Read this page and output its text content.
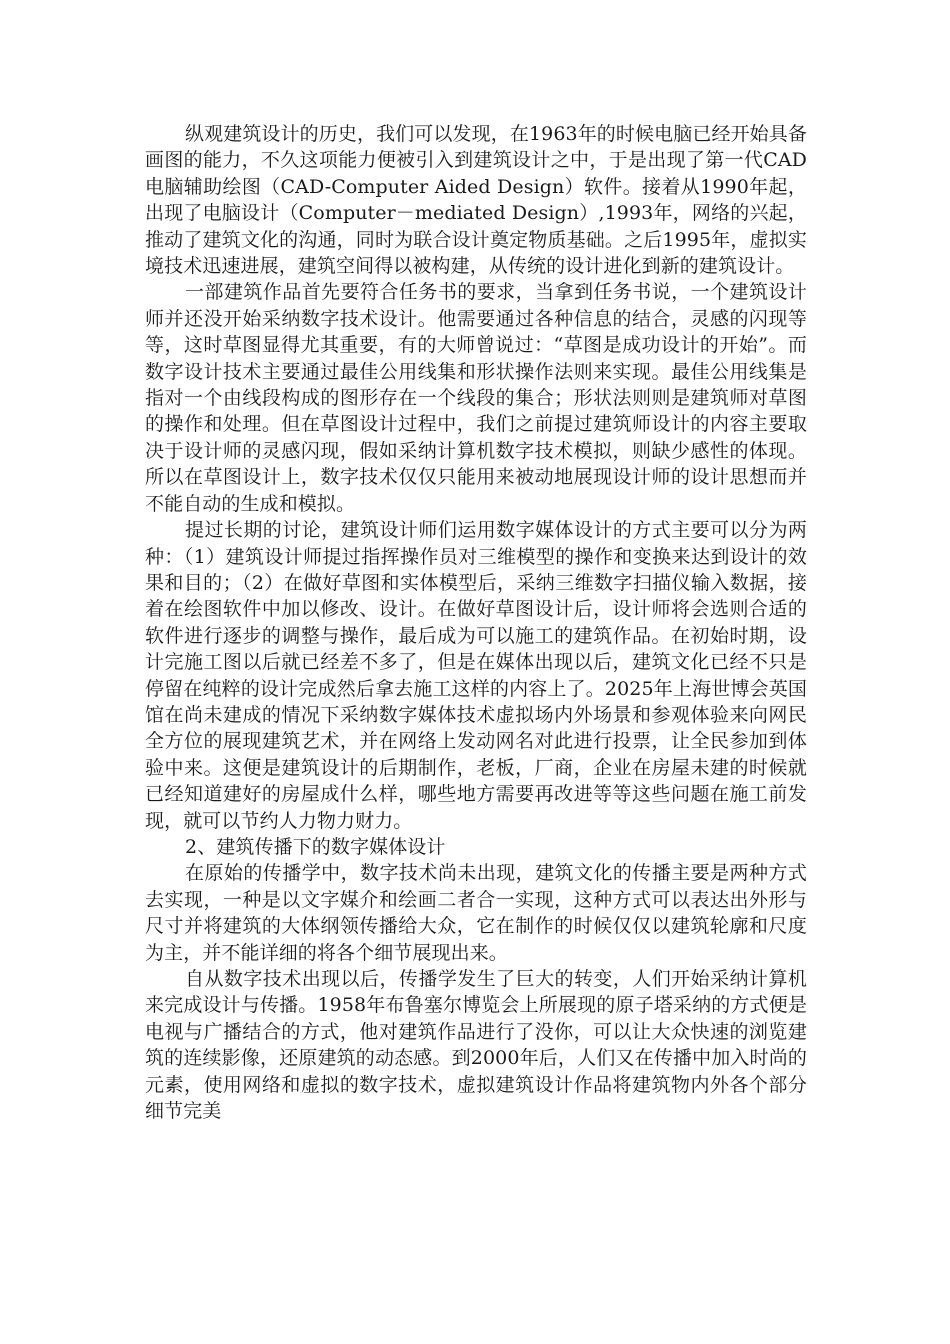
纵观建筑设计的历史，我们可以发现，在1963年的时候电脑已经开始具备画图的能力，不久这项能力便被引入到建筑设计之中，于是出现了第一代CAD电脑辅助绘图（CAD-Computer Aided Design）软件。接着从1990年起，出现了电脑设计（Computer－mediated Design）,1993年，网络的兴起，推动了建筑文化的沟通，同时为联合设计奠定物质基础。之后1995年，虚拟实境技术迅速进展，建筑空间得以被构建，从传统的设计进化到新的建筑设计。

一部建筑作品首先要符合任务书的要求，当拿到任务书说，一个建筑设计师并还没开始采纳数字技术设计。他需要通过各种信息的结合，灵感的闪现等等，这时草图显得尤其重要，有的大师曾说过：“草图是成功设计的开始”。而数字设计技术主要通过最佳公用线集和形状操作法则来实现。最佳公用线集是指对一个由线段构成的图形存在一个线段的集合；形状法则则是建筑师对草图的操作和处理。但在草图设计过程中，我们之前提过建筑师设计的内容主要取决于设计师的灵感闪现，假如采纳计算机数字技术模拟，则缺少感性的体现。所以在草图设计上，数字技术仅仅只能用来被动地展现设计师的设计思想而并不能自动的生成和模拟。

提过长期的讨论，建筑设计师们运用数字媒体设计的方式主要可以分为两种：（1）建筑设计师提过指挥操作员对三维模型的操作和变换来达到设计的效果和目的；（2）在做好草图和实体模型后，采纳三维数字扫描仪输入数据，接着在绘图软件中加以修改、设计。在做好草图设计后，设计师将会选则合适的软件进行逐步的调整与操作，最后成为可以施工的建筑作品。在初始时期，设计完施工图以后就已经差不多了，但是在媒体出现以后，建筑文化已经不只是停留在纯粹的设计完成然后拿去施工这样的内容上了。2025年上海世博会英国馆在尚未建成的情况下采纳数字媒体技术虚拟场内外场景和参观体验来向网民全方位的展现建筑艺术，并在网络上发动网名对此进行投票，让全民参加到体验中来。这便是建筑设计的后期制作，老板，厂商，企业在房屋未建的时候就已经知道建好的房屋成什么样，哪些地方需要再改进等等这些问题在施工前发现，就可以节约人力物力财力。

2、建筑传播下的数字媒体设计

在原始的传播学中，数字技术尚未出现，建筑文化的传播主要是两种方式去实现，一种是以文字媒介和绘画二者合一实现，这种方式可以表达出外形与尺寸并将建筑的大体纲领传播给大众，它在制作的时候仅仅以建筑轮廓和尺度为主，并不能详细的将各个细节展现出来。

自从数字技术出现以后，传播学发生了巨大的转变，人们开始采纳计算机来完成设计与传播。1958年布鲁塞尔博览会上所展现的原子塔采纳的方式便是电视与广播结合的方式，他对建筑作品进行了没你，可以让大众快速的浏览建筑的连续影像，还原建筑的动态感。到2000年后，人们又在传播中加入时尚的元素，使用网络和虚拟的数字技术，虚拟建筑设计作品将建筑物内外各个部分细节完美
